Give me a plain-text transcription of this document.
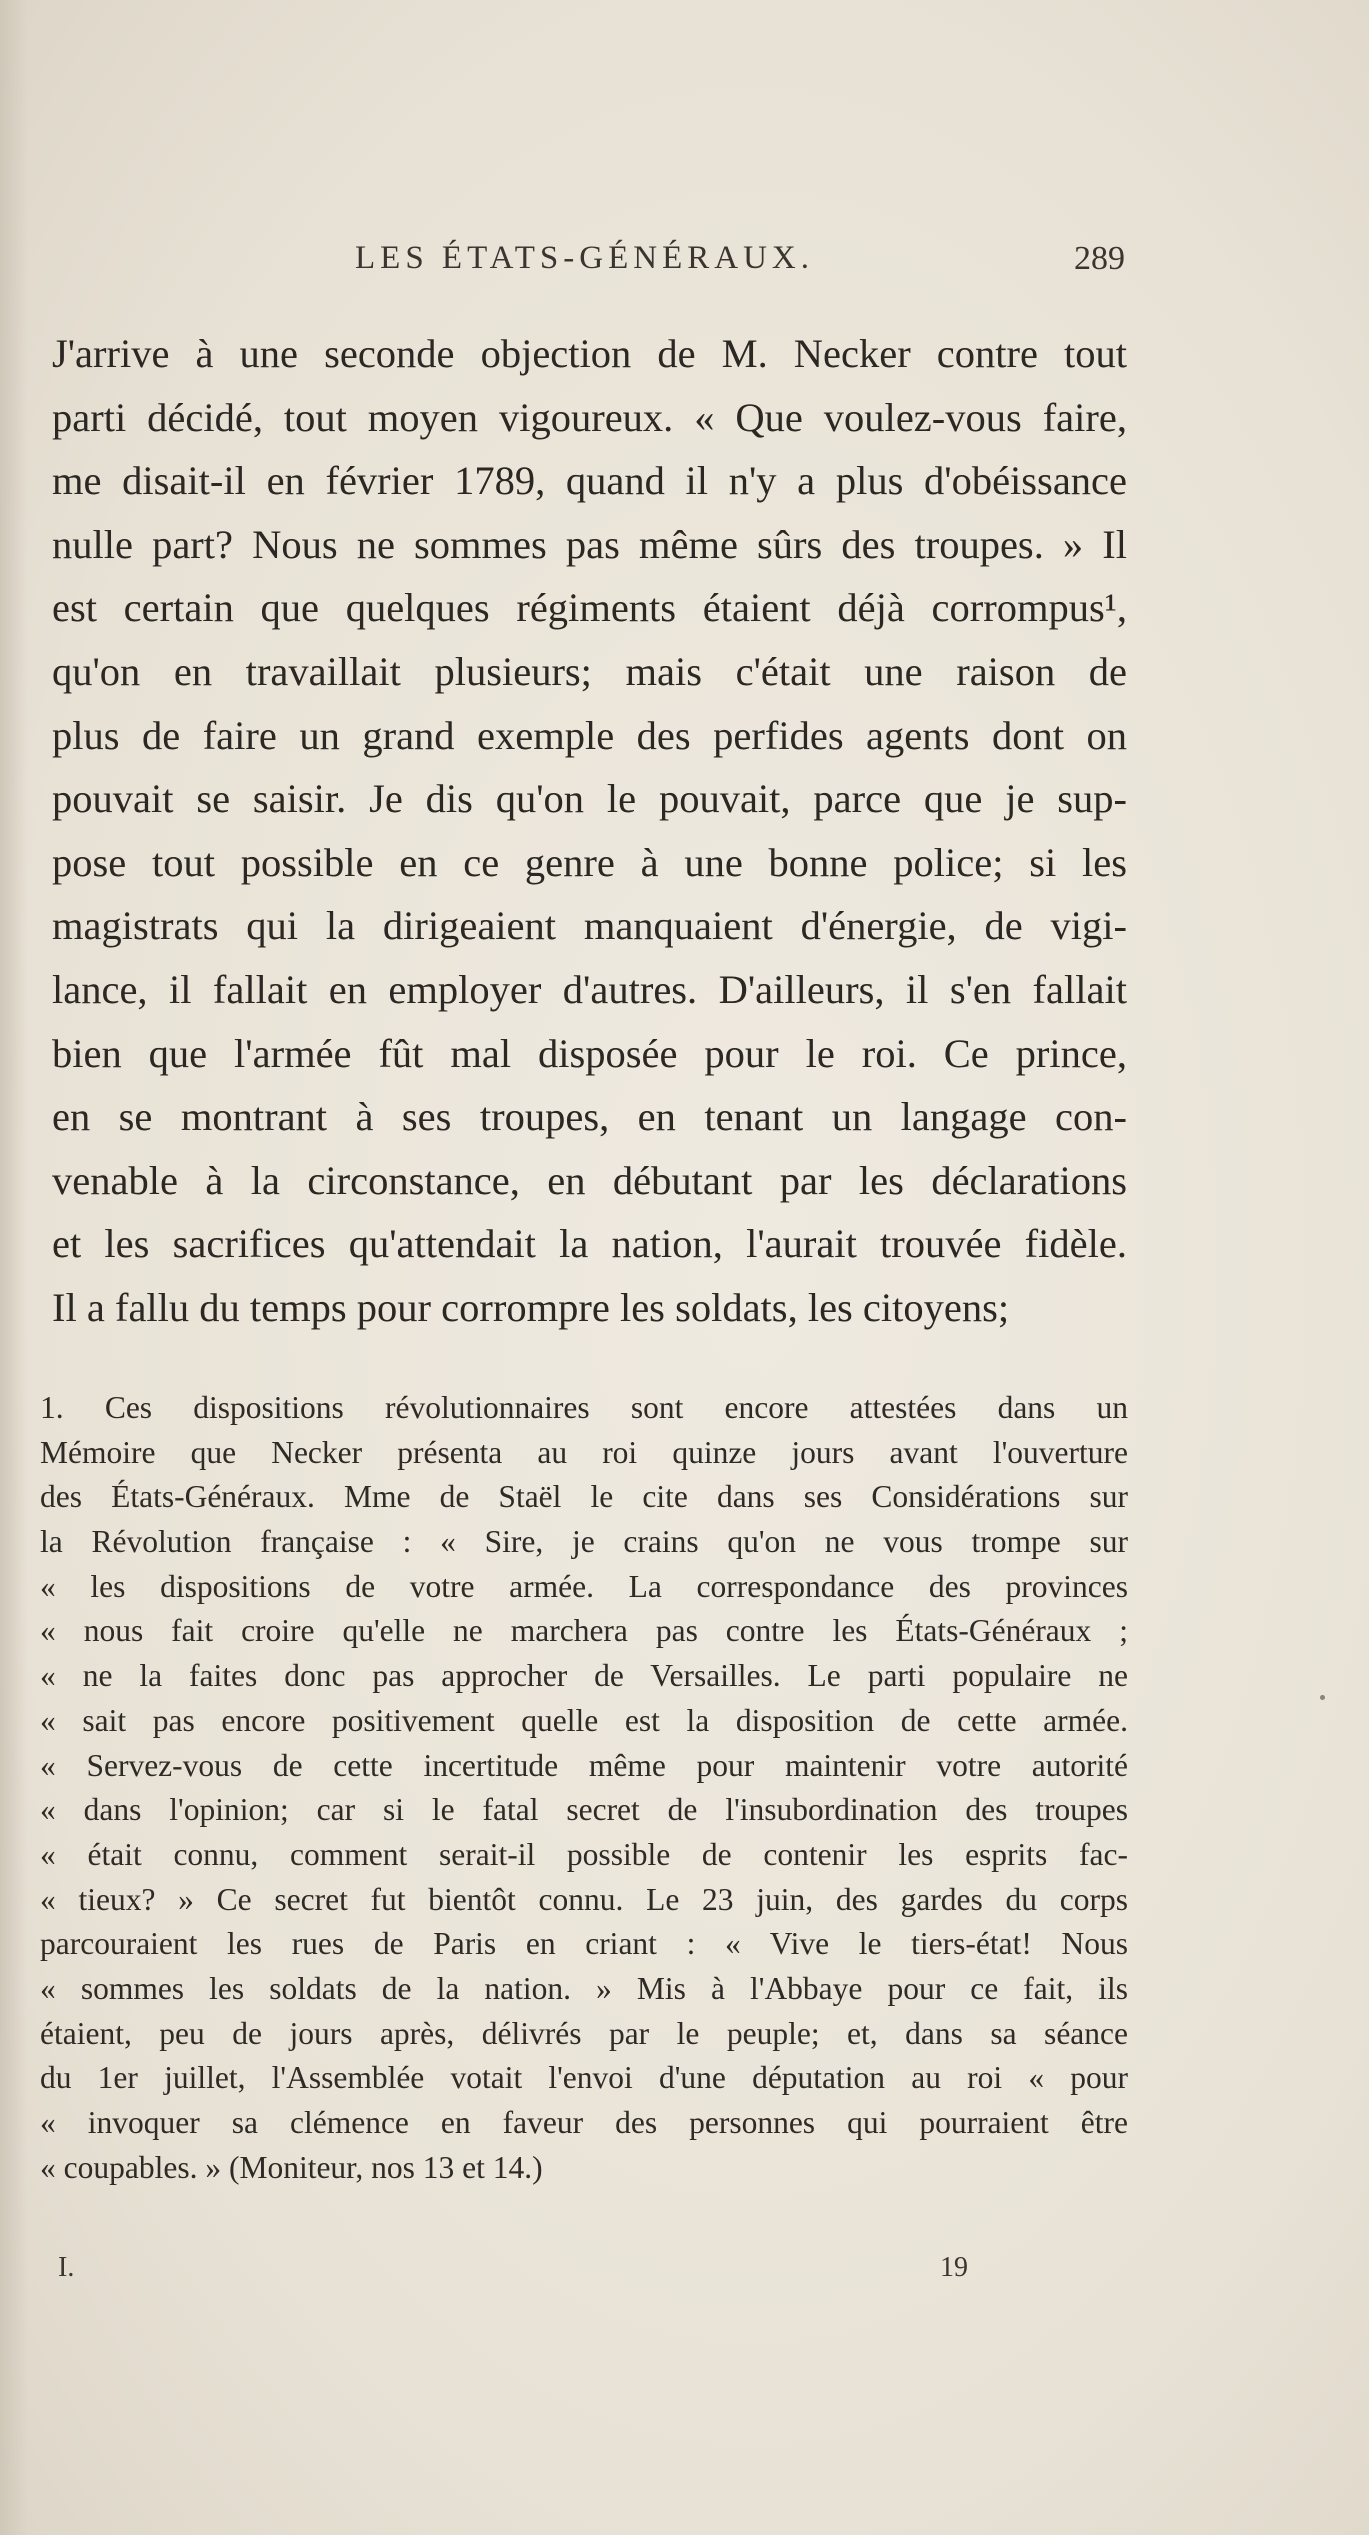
LES ÉTATS-GÉNÉRAUX.	289
J'arrive à une seconde objection de M. Necker contre tout
parti décidé, tout moyen vigoureux. « Que voulez-vous faire,
me disait-il en février 1789, quand il n'y a plus d'obéissance
nulle part? Nous ne sommes pas même sûrs des troupes. » Il
est certain que quelques régiments étaient déjà corrompus¹,
qu'on en travaillait plusieurs; mais c'était une raison de
plus de faire un grand exemple des perfides agents dont on
pouvait se saisir. Je dis qu'on le pouvait, parce que je sup-
pose tout possible en ce genre à une bonne police; si les
magistrats qui la dirigeaient manquaient d'énergie, de vigi-
lance, il fallait en employer d'autres. D'ailleurs, il s'en fallait
bien que l'armée fût mal disposée pour le roi. Ce prince,
en se montrant à ses troupes, en tenant un langage con-
venable à la circonstance, en débutant par les déclarations
et les sacrifices qu'attendait la nation, l'aurait trouvée fidèle.
Il a fallu du temps pour corrompre les soldats, les citoyens;
1. Ces dispositions révolutionnaires sont encore attestées dans un
Mémoire que Necker présenta au roi quinze jours avant l'ouverture
des États-Généraux. Mme de Staël le cite dans ses Considérations sur
la Révolution française : « Sire, je crains qu'on ne vous trompe sur
« les dispositions de votre armée. La correspondance des provinces
« nous fait croire qu'elle ne marchera pas contre les États-Généraux ;
« ne la faites donc pas approcher de Versailles. Le parti populaire ne
« sait pas encore positivement quelle est la disposition de cette armée.
« Servez-vous de cette incertitude même pour maintenir votre autorité
« dans l'opinion; car si le fatal secret de l'insubordination des troupes
« était connu, comment serait-il possible de contenir les esprits fac-
« tieux? » Ce secret fut bientôt connu. Le 23 juin, des gardes du corps
parcouraient les rues de Paris en criant : « Vive le tiers-état! Nous
« sommes les soldats de la nation. » Mis à l'Abbaye pour ce fait, ils
étaient, peu de jours après, délivrés par le peuple; et, dans sa séance
du 1er juillet, l'Assemblée votait l'envoi d'une députation au roi « pour
« invoquer sa clémence en faveur des personnes qui pourraient être
« coupables. » (Moniteur, nos 13 et 14.)
I.	19
